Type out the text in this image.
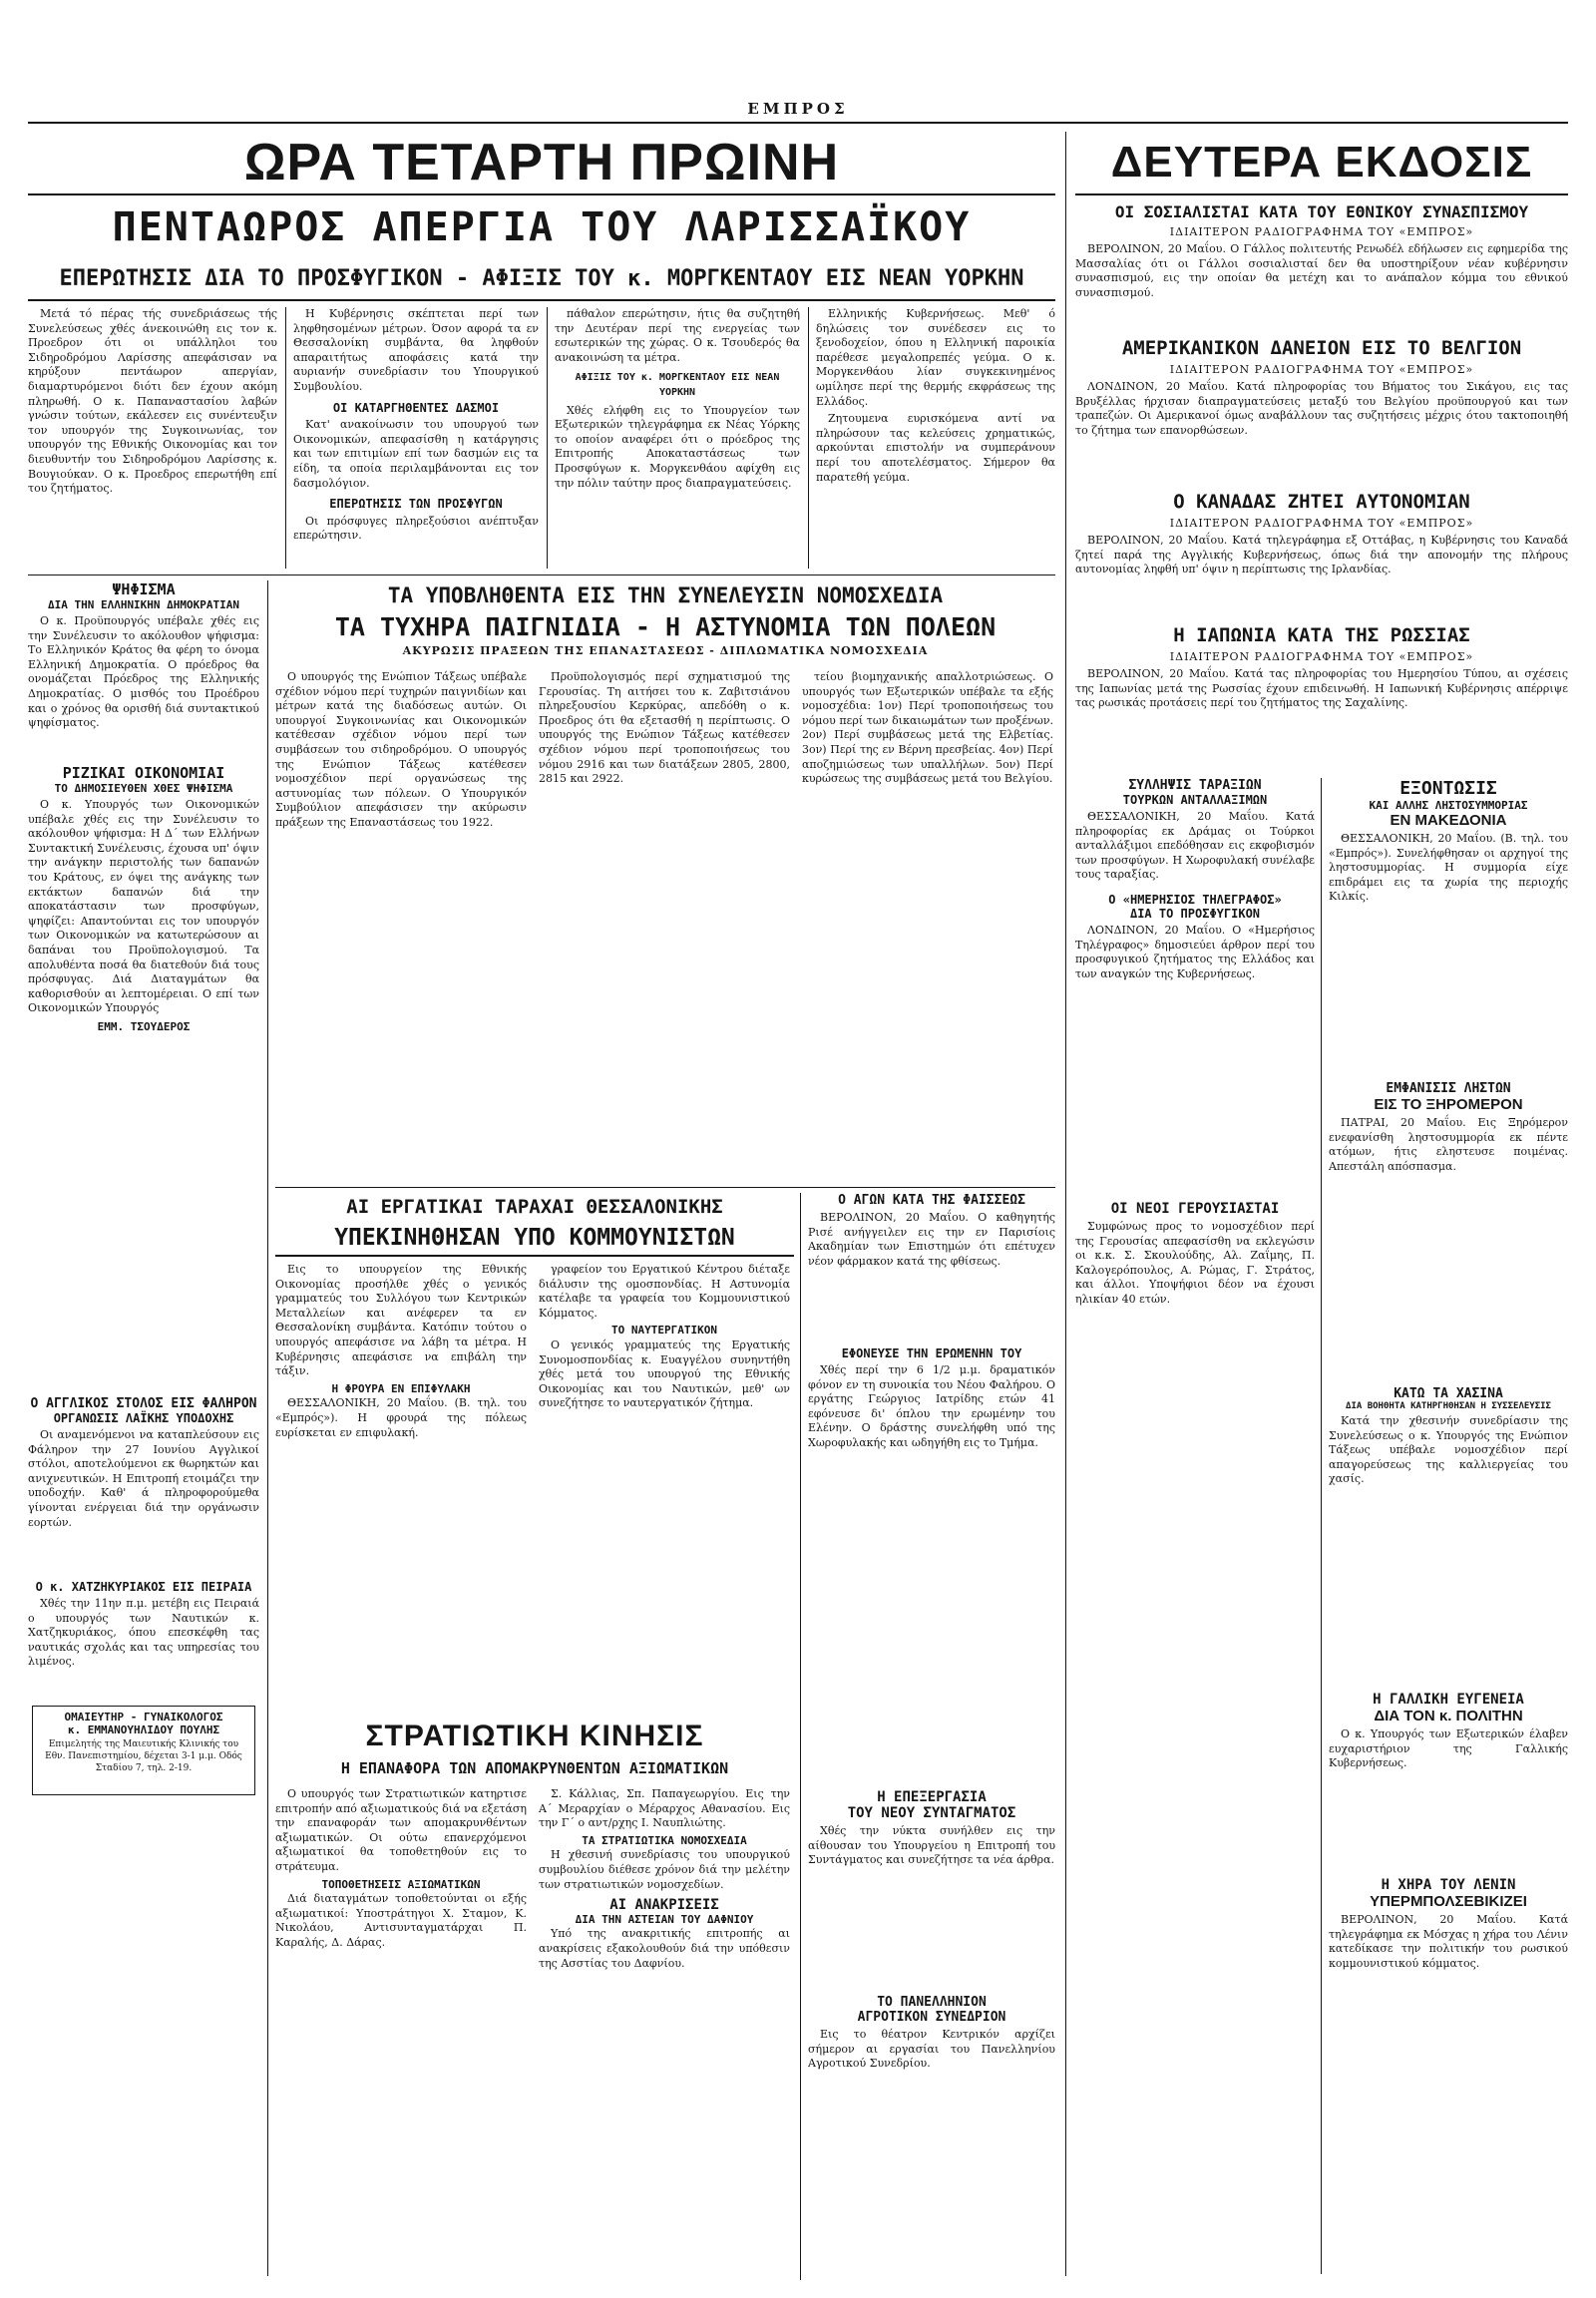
ΕΜΠΡΟΣ
ΩΡΑ ΤΕΤΑΡΤΗ ΠΡΩΙΝΗ	ΔΕΥΤΕΡΑ ΕΚΔΟΣΙΣ
ΠΕΝΤΑΩΡΟΣ ΑΠΕΡΓΙΑ ΤΟΥ ΛΑΡΙΣΣΑΪΚΟΥ
ΕΠΕΡΩΤΗΣΙΣ ΔΙΑ ΤΟ ΠΡΟΣΦΥΓΙΚΟΝ - ΑΦΙΞΙΣ ΤΟΥ κ. ΜΟΡΓΚΕΝΤΑΟΥ ΕΙΣ ΝΕΑΝ ΥΟΡΚΗΝ

Μετά τό πέρας τής συνεδριάσεως τής Συνελεύσεως χθές άνεκοινώθη εις τον κ. Προεδρον ότι οι υπάλληλοι του Σιδηροδρόμου Λαρίσσης απεφάσισαν να κηρύξουν πεντάωρον απεργίαν, διαμαρτυρόμενοι διότι δεν έχουν ακόμη πληρωθή. Ο κ. Παπαναστασίου λαβών γνώσιν τούτων, εκάλεσεν εις συνέντευξιν τον υπουργόν της Συγκοινωνίας, τον υπουργόν της Εθνικής Οικονομίας και τον διευθυντήν του Σιδηροδρόμου Λαρίσσης κ. Βουγιούκαν. Ο κ. Προεδρος επερωτήθη επί του ζητήματος.

Η Κυβέρνησις σκέπτεται περί των ληφθησομένων μέτρων. Όσον αφορά τα εν Θεσσαλονίκη συμβάντα, θα ληφθούν απαραιτήτως αποφάσεις κατά την αυριανήν συνεδρίασιν του Υπουργικού Συμβουλίου.

ΟΙ ΚΑΤΑΡΓΗΘΕΝΤΕΣ ΔΑΣΜΟΙ

Κατ' ανακοίνωσιν του υπουργού των Οικονομικών, απεφασίσθη η κατάργησις και των επιτιμίων επί των δασμών εις τα είδη, τα οποία περιλαμβάνονται εις τον δασμολόγιον.

ΕΠΕΡΩΤΗΣΙΣ ΤΩΝ ΠΡΟΣΦΥΓΩΝ

Οι πρόσφυγες πληρεξούσιοι ανέπτυξαν επερώτησιν.

πάθαλον επερώτησιν, ήτις θα συζητηθή την Δευτέραν περί της ενεργείας των εσωτερικών της χώρας. Ο κ. Τσουδερός θα ανακοινώση τα μέτρα.

ΑΦΙΞΙΣ ΤΟΥ κ. ΜΟΡΓΚΕΝΤΑΟΥ ΕΙΣ ΝΕΑΝ ΥΟΡΚΗΝ

Χθές ελήφθη εις το Υπουργείον των Εξωτερικών τηλεγράφημα εκ Νέας Υόρκης το οποίον αναφέρει ότι ο πρόεδρος της Επιτροπής Αποκαταστάσεως των Προσφύγων κ. Μοργκενθάου αφίχθη εις την πόλιν ταύτην προς διαπραγματεύσεις.

Ελληνικής Κυβερνήσεως. Μεθ' ό δηλώσεις τον συνέδεσεν εις το ξενοδοχείον, όπου η Ελληνική παροικία παρέθεσε μεγαλοπρεπές γεύμα. Ο κ. Μοργκενθάου λίαν συγκεκινημένος ωμίλησε περί της θερμής εκφράσεως της Ελλάδος.

Ζητουμενα ευρισκόμενα αντί να πληρώσουν τας κελεύσεις χρηματικώς, αρκούνται επιστολήν να συμπεράνουν περί του αποτελέσματος. Σήμερον θα παρατεθή γεύμα.

ΟΙ ΣΟΣΙΑΛΙΣΤΑΙ ΚΑΤΑ ΤΟΥ ΕΘΝΙΚΟΥ ΣΥΝΑΣΠΙΣΜΟΥ
ΙΔΙΑΙΤΕΡΟΝ ΡΑΔΙΟΓΡΑΦΗΜΑ ΤΟΥ «ΕΜΠΡΟΣ»

ΒΕΡΟΛΙΝΟΝ, 20 Μαΐου. Ο Γάλλος πολιτευτής Ρενωδέλ εδήλωσεν εις εφημερίδα της Μασσαλίας ότι οι Γάλλοι σοσιαλισταί δεν θα υποστηρίξουν νέαν κυβέρνησιν συνασπισμού, εις την οποίαν θα μετέχη και το ανάπαλον κόμμα του εθνικού συνασπισμού.

ΑΜΕΡΙΚΑΝΙΚΟΝ ΔΑΝΕΙΟΝ ΕΙΣ ΤΟ ΒΕΛΓΙΟΝ
ΙΔΙΑΙΤΕΡΟΝ ΡΑΔΙΟΓΡΑΦΗΜΑ ΤΟΥ «ΕΜΠΡΟΣ»

ΛΟΝΔΙΝΟΝ, 20 Μαΐου. Κατά πληροφορίας του Βήματος του Σικάγου, εις τας Βρυξέλλας ήρχισαν διαπραγματεύσεις μεταξύ του Βελγίου προϋπουργού και των τραπεζών. Οι Αμερικανοί όμως αναβάλλουν τας συζητήσεις μέχρις ότου τακτοποιηθή το ζήτημα των επανορθώσεων.

Ο ΚΑΝΑΔΑΣ ΖΗΤΕΙ ΑΥΤΟΝΟΜΙΑΝ
ΙΔΙΑΙΤΕΡΟΝ ΡΑΔΙΟΓΡΑΦΗΜΑ ΤΟΥ «ΕΜΠΡΟΣ»

ΒΕΡΟΛΙΝΟΝ, 20 Μαΐου. Κατά τηλεγράφημα εξ Οττάβας, η Κυβέρνησις του Καναδά ζητεί παρά της Αγγλικής Κυβερνήσεως, όπως διά την απονομήν της πλήρους αυτονομίας ληφθή υπ' όψιν η περίπτωσις της Ιρλανδίας.

Η ΙΑΠΩΝΙΑ ΚΑΤΑ ΤΗΣ ΡΩΣΣΙΑΣ
ΙΔΙΑΙΤΕΡΟΝ ΡΑΔΙΟΓΡΑΦΗΜΑ ΤΟΥ «ΕΜΠΡΟΣ»

ΒΕΡΟΛΙΝΟΝ, 20 Μαΐου. Κατά τας πληροφορίας του Ημερησίου Τύπου, αι σχέσεις της Ιαπωνίας μετά της Ρωσσίας έχουν επιδεινωθή. Η Ιαπωνική Κυβέρνησις απέρριψε τας ρωσικάς προτάσεις περί του ζητήματος της Σαχαλίνης.

ΨΗΦΙΣΜΑ
ΔΙΑ ΤΗΝ ΕΛΛΗΝΙΚΗΝ ΔΗΜΟΚΡΑΤΙΑΝ

Ο κ. Προϋπουργός υπέβαλε χθές εις την Συνέλευσιν το ακόλουθον ψήφισμα: Το Ελληνικόν Κράτος θα φέρη το όνομα Ελληνική Δημοκρατία. Ο πρόεδρος θα ονομάζεται Πρόεδρος της Ελληνικής Δημοκρατίας. Ο μισθός του Προέδρου και ο χρόνος θα ορισθή διά συντακτικού ψηφίσματος.

ΡΙΖΙΚΑΙ ΟΙΚΟΝΟΜΙΑΙ
ΤΟ ΔΗΜΟΣΙΕΥΘΕΝ ΧΘΕΣ ΨΗΦΙΣΜΑ

Ο κ. Υπουργός των Οικονομικών υπέβαλε χθές εις την Συνέλευσιν το ακόλουθον ψήφισμα: Η Δ΄ των Ελλήνων Συντακτική Συνέλευσις, έχουσα υπ' όψιν την ανάγκην περιστολής των δαπανών του Κράτους, εν όψει της ανάγκης των εκτάκτων δαπανών διά την αποκατάστασιν των προσφύγων, ψηφίζει: Απαντούνται εις τον υπουργόν των Οικονομικών να κατωτερώσουν αι δαπάναι του Προϋπολογισμού. Τα απολυθέντα ποσά θα διατεθούν διά τους πρόσφυγας. Διά Διαταγμάτων θα καθορισθούν αι λεπτομέρειαι. Ο επί των Οικονομικών Υπουργός

ΕΜΜ. ΤΣΟΥΔΕΡΟΣ
Ο ΑΓΓΛΙΚΟΣ ΣΤΟΛΟΣ ΕΙΣ ΦΑΛΗΡΟΝ
ΟΡΓΑΝΩΣΙΣ ΛΑΪΚΗΣ ΥΠΟΔΟΧΗΣ

Οι αναμενόμενοι να καταπλεύσουν εις Φάληρον την 27 Ιουνίου Αγγλικοί στόλοι, αποτελούμενοι εκ θωρηκτών και ανιχνευτικών. Η Επιτροπή ετοιμάζει την υποδοχήν. Καθ' ά πληροφορούμεθα γίνονται ενέργειαι διά την οργάνωσιν εορτών.

Ο κ. ΧΑΤΖΗΚΥΡΙΑΚΟΣ ΕΙΣ ΠΕΙΡΑΙΑ

Χθές την 11ην π.μ. μετέβη εις Πειραιά ο υπουργός των Ναυτικών κ. Χατζηκυριάκος, όπου επεσκέφθη τας ναυτικάς σχολάς και τας υπηρεσίας του λιμένος.

ΟΜΑΙΕΥΤΗΡ - ΓΥΝΑΙΚΟΛΟΓΟΣ
κ. ΕΜΜΑΝΟΥΗΛΙΔΟΥ ΠΟΥΛΗΣ
Επιμελητής της Μαιευτικής Κλινικής του Εθν. Πανεπιστημίου, δέχεται 3-1 μ.μ. Οδός Σταδίου 7, τηλ. 2-19.
ΤΑ ΥΠΟΒΛΗΘΕΝΤΑ ΕΙΣ ΤΗΝ ΣΥΝΕΛΕΥΣΙΝ ΝΟΜΟΣΧΕΔΙΑ
ΤΑ ΤΥΧΗΡΑ ΠΑΙΓΝΙΔΙΑ - Η ΑΣΤΥΝΟΜΙΑ ΤΩΝ ΠΟΛΕΩΝ
ΑΚΥΡΩΣΙΣ ΠΡΑΞΕΩΝ ΤΗΣ ΕΠΑΝΑΣΤΑΣΕΩΣ - ΔΙΠΛΩΜΑΤΙΚΑ ΝΟΜΟΣΧΕΔΙΑ

Ο υπουργός της Ενώπιον Τάξεως υπέβαλε σχέδιον νόμου περί τυχηρών παιγνιδίων και μέτρων κατά της διαδόσεως αυτών. Οι υπουργοί Συγκοινωνίας και Οικονομικών κατέθεσαν σχέδιον νόμου περί των συμβάσεων του σιδηροδρόμου. Ο υπουργός της Ενώπιον Τάξεως κατέθεσεν νομοσχέδιον περί οργανώσεως της αστυνομίας των πόλεων. Ο Υπουργικόν Συμβούλιον απεφάσισεν την ακύρωσιν πράξεων της Επαναστάσεως του 1922.

Προϋπολογισμός περί σχηματισμού της Γερουσίας. Τη αιτήσει του κ. Ζαβιτσιάνου πληρεξουσίου Κερκύρας, απεδόθη ο κ. Προεδρος ότι θα εξετασθή η περίπτωσις. Ο υπουργός της Ενώπιον Τάξεως κατέθεσεν σχέδιον νόμου περί τροποποιήσεως του νόμου 2916 και των διατάξεων 2805, 2800, 2815 και 2922.

τείου βιομηχανικής απαλλοτριώσεως. Ο υπουργός των Εξωτερικών υπέβαλε τα εξής νομοσχέδια: 1ον) Περί τροποποιήσεως του νόμου περί των δικαιωμάτων των προξένων. 2ον) Περί συμβάσεως μετά της Ελβετίας. 3ον) Περί της εν Βέρνη πρεσβείας. 4ον) Περί αποζημιώσεως των υπαλλήλων. 5ον) Περί κυρώσεως της συμβάσεως μετά του Βελγίου.

ΑΙ ΕΡΓΑΤΙΚΑΙ ΤΑΡΑΧΑΙ ΘΕΣΣΑΛΟΝΙΚΗΣ
ΥΠΕΚΙΝΗΘΗΣΑΝ ΥΠΟ ΚΟΜΜΟΥΝΙΣΤΩΝ

Εις το υπουργείον της Εθνικής Οικονομίας προσήλθε χθές ο γενικός γραμματεύς του Συλλόγου των Κεντρικών Μεταλλείων και ανέφερεν τα εν Θεσσαλονίκη συμβάντα. Κατόπιν τούτου ο υπουργός απεφάσισε να λάβη τα μέτρα. Η Κυβέρνησις απεφάσισε να επιβάλη την τάξιν.

Η ΦΡΟΥΡΑ ΕΝ ΕΠΙΦΥΛΑΚΗ

ΘΕΣΣΑΛΟΝΙΚΗ, 20 Μαΐου. (Β. τηλ. του «Εμπρός»). Η φρουρά της πόλεως ευρίσκεται εν επιφυλακή.

γραφείον του Εργατικού Κέντρου διέταξε διάλυσιν της ομοσπονδίας. Η Αστυνομία κατέλαβε τα γραφεία του Κομμουνιστικού Κόμματος.

ΤΟ ΝΑΥΤΕΡΓΑΤΙΚΟΝ

Ο γενικός γραμματεύς της Εργατικής Συνομοσπονδίας κ. Ευαγγέλου συνηντήθη χθές μετά του υπουργού της Εθνικής Οικονομίας και του Ναυτικών, μεθ' ων συνεζήτησε το ναυτεργατικόν ζήτημα.

ΣΤΡΑΤΙΩΤΙΚΗ ΚΙΝΗΣΙΣ
Η ΕΠΑΝΑΦΟΡΑ ΤΩΝ ΑΠΟΜΑΚΡΥΝΘΕΝΤΩΝ ΑΞΙΩΜΑΤΙΚΩΝ

Ο υπουργός των Στρατιωτικών κατηρτισε επιτροπήν από αξιωματικούς διά να εξετάση την επαναφοράν των απομακρυνθέντων αξιωματικών. Οι ούτω επανερχόμενοι αξιωματικοί θα τοποθετηθούν εις το στράτευμα.

ΤΟΠΟΘΕΤΗΣΕΙΣ ΑΞΙΩΜΑΤΙΚΩΝ

Διά διαταγμάτων τοποθετούνται οι εξής αξιωματικοί: Υποστράτηγοι Χ. Σταμον, Κ. Νικολάου, Αντισυνταγματάρχαι Π. Καραλής, Δ. Δάρας.

Σ. Κάλλιας, Σπ. Παπαγεωργίου. Εις την Α΄ Μεραρχίαν ο Μέραρχος Αθανασίου. Εις την Γ΄ ο αντ/ρχης Ι. Ναυπλιώτης.

ΤΑ ΣΤΡΑΤΙΩΤΙΚΑ ΝΟΜΟΣΧΕΔΙΑ

Η χθεσινή συνεδρίασις του υπουργικού συμβουλίου διέθεσε χρόνον διά την μελέτην των στρατιωτικών νομοσχεδίων.

ΑΙ ΑΝΑΚΡΙΣΕΙΣ
ΔΙΑ ΤΗΝ ΑΣΤΕΙΑΝ ΤΟΥ ΔΑΦΝΙΟΥ

Υπό της ανακριτικής επιτροπής αι ανακρίσεις εξακολουθούν διά την υπόθεσιν της Ασστίας του Δαφνίου.

Ο ΑΓΩΝ ΚΑΤΑ ΤΗΣ ΦΑΙΣΣΕΩΣ

ΒΕΡΟΛΙΝΟΝ, 20 Μαΐου. Ο καθηγητής Ρισέ ανήγγειλεν εις την εν Παρισίοις Ακαδημίαν των Επιστημών ότι επέτυχεν νέον φάρμακον κατά της φθίσεως.

ΕΦΟΝΕΥΣΕ ΤΗΝ ΕΡΩΜΕΝΗΝ ΤΟΥ

Χθές περί την 6 1/2 μ.μ. δραματικόν φόνον εν τη συνοικία του Νέου Φαλήρου. Ο εργάτης Γεώργιος Ιατρίδης ετών 41 εφόνευσε δι' όπλου την ερωμένην του Ελένην. Ο δράστης συνελήφθη υπό της Χωροφυλακής και ωδηγήθη εις το Τμήμα.

Η ΕΠΕΞΕΡΓΑΣΙΑ
ΤΟΥ ΝΕΟΥ ΣΥΝΤΑΓΜΑΤΟΣ

Χθές την νύκτα συνήλθεν εις την αίθουσαν του Υπουργείου η Επιτροπή του Συντάγματος και συνεζήτησε τα νέα άρθρα.

ΤΟ ΠΑΝΕΛΛΗΝΙΟΝ
ΑΓΡΟΤΙΚΟΝ ΣΥΝΕΔΡΙΟΝ

Εις το θέατρον Κεντρικόν αρχίζει σήμερον αι εργασίαι του Πανελληνίου Αγροτικού Συνεδρίου.

ΣΥΛΛΗΨΙΣ ΤΑΡΑΞΙΩΝ
ΤΟΥΡΚΩΝ ΑΝΤΑΛΛΑΞΙΜΩΝ

ΘΕΣΣΑΛΟΝΙΚΗ, 20 Μαΐου. Κατά πληροφορίας εκ Δράμας οι Τούρκοι ανταλλάξιμοι επεδόθησαν εις εκφοβισμόν των προσφύγων. Η Χωροφυλακή συνέλαβε τους ταραξίας.

Ο «ΗΜΕΡΗΣΙΟΣ ΤΗΛΕΓΡΑΦΟΣ»
ΔΙΑ ΤΟ ΠΡΟΣΦΥΓΙΚΟΝ

ΛΟΝΔΙΝΟΝ, 20 Μαΐου. Ο «Ημερήσιος Τηλέγραφος» δημοσιεύει άρθρον περί του προσφυγικού ζητήματος της Ελλάδος και των αναγκών της Κυβερνήσεως.

ΕΞΟΝΤΩΣΙΣ
ΚΑΙ ΑΛΛΗΣ ΛΗΣΤΟΣΥΜΜΟΡΙΑΣ
ΕΝ ΜΑΚΕΔΟΝΙΑ

ΘΕΣΣΑΛΟΝΙΚΗ, 20 Μαΐου. (Β. τηλ. του «Εμπρός»). Συνελήφθησαν οι αρχηγοί της ληστοσυμμορίας. Η συμμορία είχε επιδράμει εις τα χωρία της περιοχής Κιλκίς.

ΕΜΦΑΝΙΣΙΣ ΛΗΣΤΩΝ
ΕΙΣ ΤΟ ΞΗΡΟΜΕΡΟΝ

ΠΑΤΡΑΙ, 20 Μαΐου. Εις Ξηρόμερον ενεφανίσθη ληστοσυμμορία εκ πέντε ατόμων, ήτις εληστευσε ποιμένας. Απεστάλη απόσπασμα.

ΟΙ ΝΕΟΙ ΓΕΡΟΥΣΙΑΣΤΑΙ

Συμφώνως προς το νομοσχέδιον περί της Γερουσίας απεφασίσθη να εκλεγώσιν οι κ.κ. Σ. Σκουλούδης, Αλ. Ζαΐμης, Π. Καλογερόπουλος, Α. Ρώμας, Γ. Στράτος, και άλλοι. Υποψήφιοι δέον να έχουσι ηλικίαν 40 ετών.

ΚΑΤΩ ΤΑ ΧΑΣΙΝΑ
ΔΙΑ ΒΟΗΘΗΤΑ ΚΑΤΗΡΓΗΘΗΣΑΝ Η ΣΥΣΣΕΛΕΥΣΙΣ

Κατά την χθεσινήν συνεδρίασιν της Συνελεύσεως ο κ. Υπουργός της Ενώπιον Τάξεως υπέβαλε νομοσχέδιον περί απαγορεύσεως της καλλιεργείας του χασίς.

Η ΓΑΛΛΙΚΗ ΕΥΓΕΝΕΙΑ
ΔΙΑ ΤΟΝ κ. ΠΟΛΙΤΗΝ

Ο κ. Υπουργός των Εξωτερικών έλαβεν ευχαριστήριον της Γαλλικής Κυβερνήσεως.

Η ΧΗΡΑ ΤΟΥ ΛΕΝΙΝ
ΥΠΕΡΜΠΟΛΣΕΒΙΚΙΖΕΙ

ΒΕΡΟΛΙΝΟΝ, 20 Μαΐου. Κατά τηλεγράφημα εκ Μόσχας η χήρα του Λένιν κατεδίκασε την πολιτικήν του ρωσικού κομμουνιστικού κόμματος.
